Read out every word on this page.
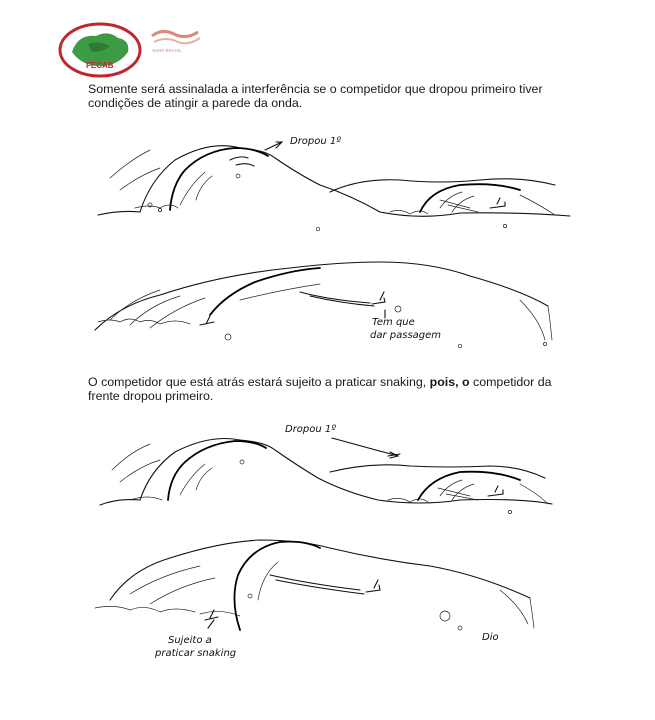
FECAB
SURF BRASIL
Somente será assinalada a interferência se o competidor que dropou primeiro tiver condições de atingir a parede da onda.
Dropou 1º
Tem que
dar passagem
O competidor que está atrás estará sujeito a praticar snaking, pois, o competidor da frente dropou primeiro.
Dropou 1º
Sujeito a
praticar snaking
Dio
